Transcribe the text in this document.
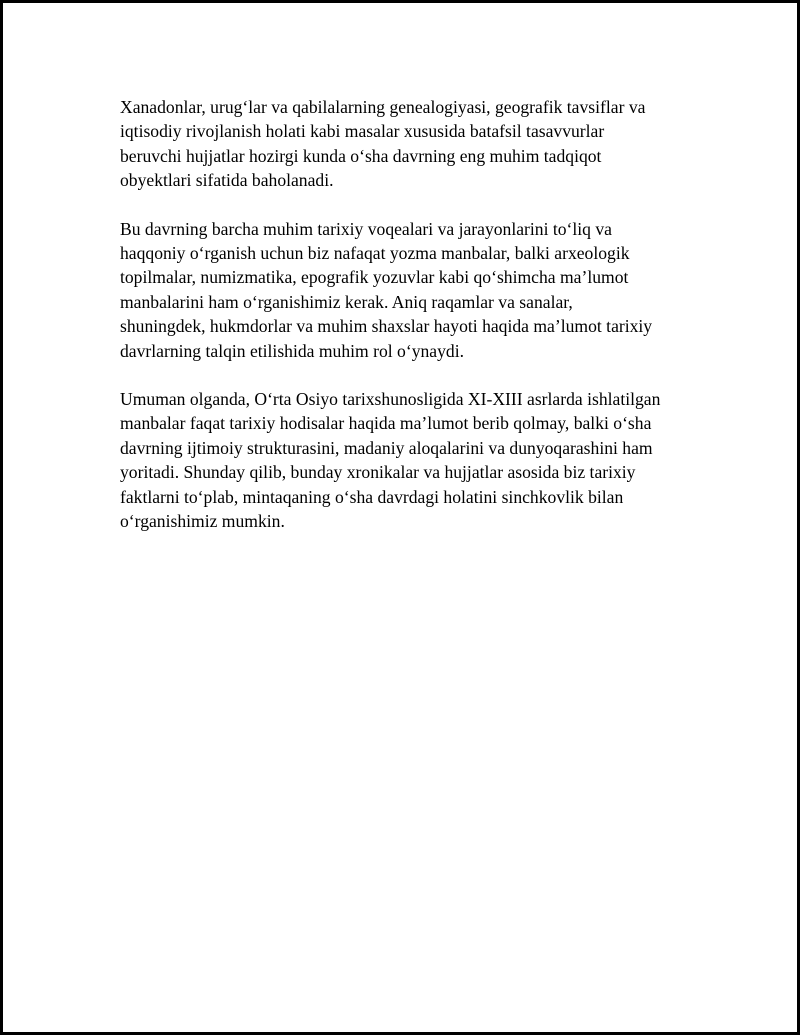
Xanadonlar, urug‘lar va qabilalarning genealogiyasi, geografik tavsiflar va
iqtisodiy rivojlanish holati kabi masalar xususida batafsil tasavvurlar
beruvchi hujjatlar hozirgi kunda o‘sha davrning eng muhim tadqiqot
obyektlari sifatida baholanadi.

Bu davrning barcha muhim tarixiy voqealari va jarayonlarini to‘liq va
haqqoniy o‘rganish uchun biz nafaqat yozma manbalar, balki arxeologik
topilmalar, numizmatika, epografik yozuvlar kabi qo‘shimcha ma’lumot
manbalarini ham o‘rganishimiz kerak. Aniq raqamlar va sanalar,
shuningdek, hukmdorlar va muhim shaxslar hayoti haqida ma’lumot tarixiy
davrlarning talqin etilishida muhim rol o‘ynaydi.

Umuman olganda, O‘rta Osiyo tarixshunosligida XI-XIII asrlarda ishlatilgan
manbalar faqat tarixiy hodisalar haqida ma’lumot berib qolmay, balki o‘sha
davrning ijtimoiy strukturasini, madaniy aloqalarini va dunyoqarashini ham
yoritadi. Shunday qilib, bunday xronikalar va hujjatlar asosida biz tarixiy
faktlarni to‘plab, mintaqaning o‘sha davrdagi holatini sinchkovlik bilan
o‘rganishimiz mumkin.
